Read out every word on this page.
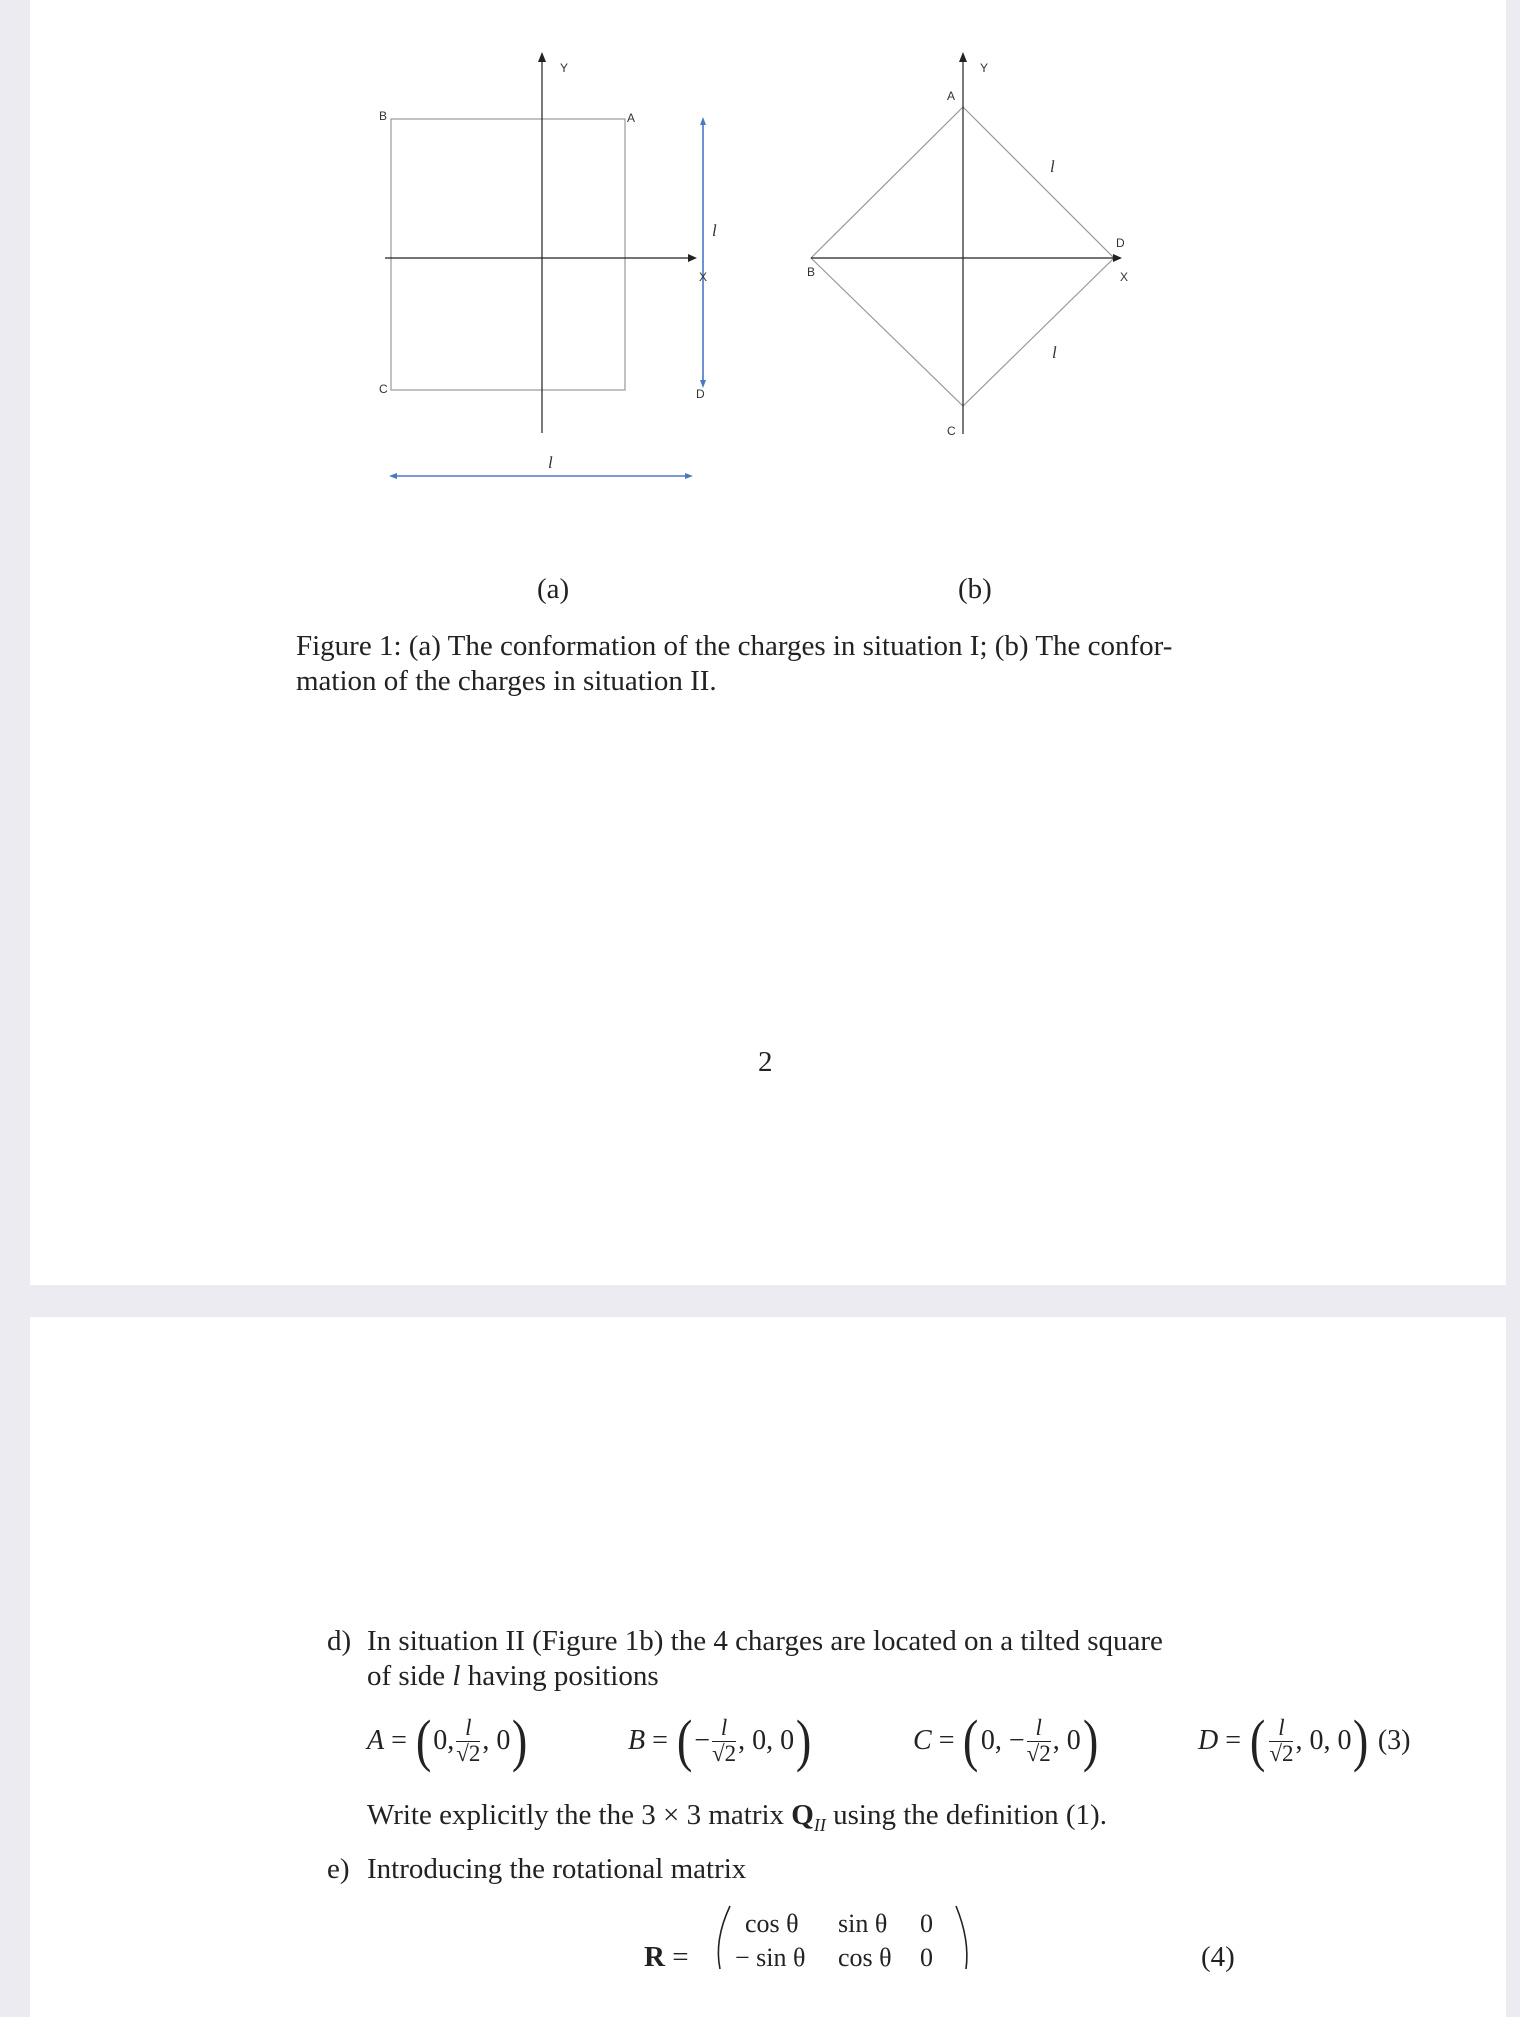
Y
X
A
B
C	D
l
l
Y
X
A
B
C
D
l
l
(a)	(b)
Figure 1: (a) The conformation of the charges in situation I; (b) The confor-
mation of the charges in situation II.
2
d) In situation II (Figure 1b) the 4 charges are located on a tilted square
of side l having positions
A = ( 0, $\frac{l}{√2}$ , 0 )	B = ( − $\frac{l}{√2}$ , 0, 0 )	C = ( 0, − $\frac{l}{√2}$ , 0 )	D = ( $\frac{l}{√2}$ , 0, 0 )
(3)
Write explicitly the the 3 × 3 matrix $Q_{II}$ using the definition (1).
e) Introducing the rotational matrix
R =
cos θ sin θ 0
− sin θ cos θ 0	(4)
